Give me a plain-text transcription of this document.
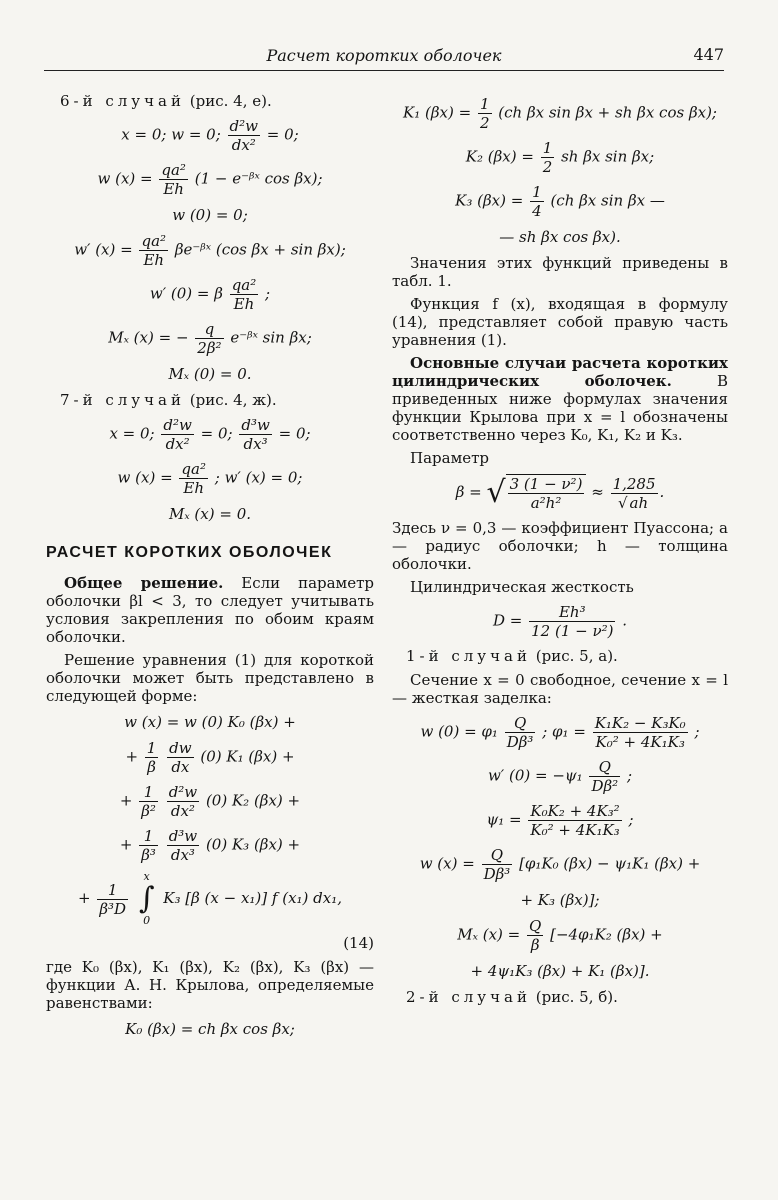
Расчет коротких оболочек	447
6-й случай (рис. 4, е).
x = 0; w = 0; $\frac{\text{d²w}}{\text{dx²}} = 0$;
w $(x) = \frac{\text{qa²}}{Eh} (1$ − e⁻ᵝˣ cos βx);
w (0) = 0;
w′ $(x) = \frac{\text{qa²}}{Eh}$ βe⁻ᵝˣ (cos βx + sin βx);
w′ (0) = β $\frac{\text{qa²}}{Eh}$ ;
Mₓ (x) = − $\frac{q}{\text{2β²}}$ e⁻ᵝˣ sin βx;
Mₓ (0) = 0.
7-й случай (рис. 4, ж).
x = 0; $\frac{\text{d²w}}{\text{dx²}} = 0$; $\frac{\text{d³w}}{\text{dx³}} = 0$;
w $(x) = \frac{\text{qa²}}{Eh}$ ; w′ (x) = 0;
Mₓ (x) = 0.
РАСЧЕТ КОРОТКИХ ОБОЛОЧЕК

Общее решение. Если параметр оболочки βl < 3, то следует учитывать условия закрепления по обоим краям оболочки.

Решение уравнения (1) для короткой оболочки может быть представлено в следующей форме:

w (x) = w (0) K₀ (βx) +
+ $\frac{1}{\beta}$
$\frac{dw}{dx} (0)$ K₁ (βx) +
+ $\frac{1}{\text{β²}}$
$\frac{\text{d²w}}{\text{dx²}} (0)$ K₂ (βx) +
+ $\frac{1}{\text{β³}}$
$\frac{\text{d³w}}{\text{dx³}} (0)$ K₃ (βx) +
+ $\frac{1}{\text{β³D}}$
x
∫
0 K₃ [β (x − x₁)] f (x₁) dx₁,
(14)

где K₀ (βx), K₁ (βx), K₂ (βx), K₃ (βx) — функции А. Н. Крылова, определяемые равенствами:

K₀ (βx) = ch βx cos βx;
K₁ $(\beta x) = \frac{1}{2} (ch$ βx sin βx + sh βx cos βx);
K₂ $(\beta x) = \frac{1}{2}$ sh βx sin βx;
K₃ $(\beta x) = \frac{1}{4} (ch$ βx sin βx —
— sh βx cos βx).

Значения этих функций приведены в табл. 1.

Функция f (x), входящая в формулу (14), представляет собой правую часть уравнения (1).

Основные случаи расчета коротких цилиндрических оболочек. В приведенных ниже формулах значения функции Крылова при x = l обозначены соответственно через K₀, K₁, K₂ и K₃.

Параметр

β = √ $\frac{\text{3 (1 − ν²)}}{\text{a²h²}} \approx \frac{1,285}{√ ah}$ .

Здесь ν = 0,3 — коэффициент Пуассона; a — радиус оболочки; h — толщина оболочки.

Цилиндрическая жесткость

$D = \frac{\text{Eh³}}{\text{12 (1 − ν²)}}$ .
1-й случай (рис. 5, а).

Сечение x = 0 свободное, сечение x = l — жесткая заделка:

w $(0) = \varphi_1 \frac{Q}{\text{Dβ³}}$ ; $\varphi_1 = \frac{\text{K₁K₂ − K₃K₀}}{\text{K₀² + 4K₁K₃}}$ ;
w′ $(0) = -\psi_1 \frac{Q}{\text{Dβ²}}$ ;
$\psi_1 = \frac{\text{K₀K₂ + 4K₃²}}{\text{K₀² + 4K₁K₃}}$ ;
w $(x) = \frac{Q}{\text{Dβ³}} [\varphi_1K_0$ (βx) − ψ₁K₁ (βx) +
+ K₃ (βx)];
Mₓ $(x) = \frac{Q}{\beta} [-4\varphi_1K_2$ (βx) +
+ 4ψ₁K₃ (βx) + K₁ (βx)].
2-й случай (рис. 5, б).
